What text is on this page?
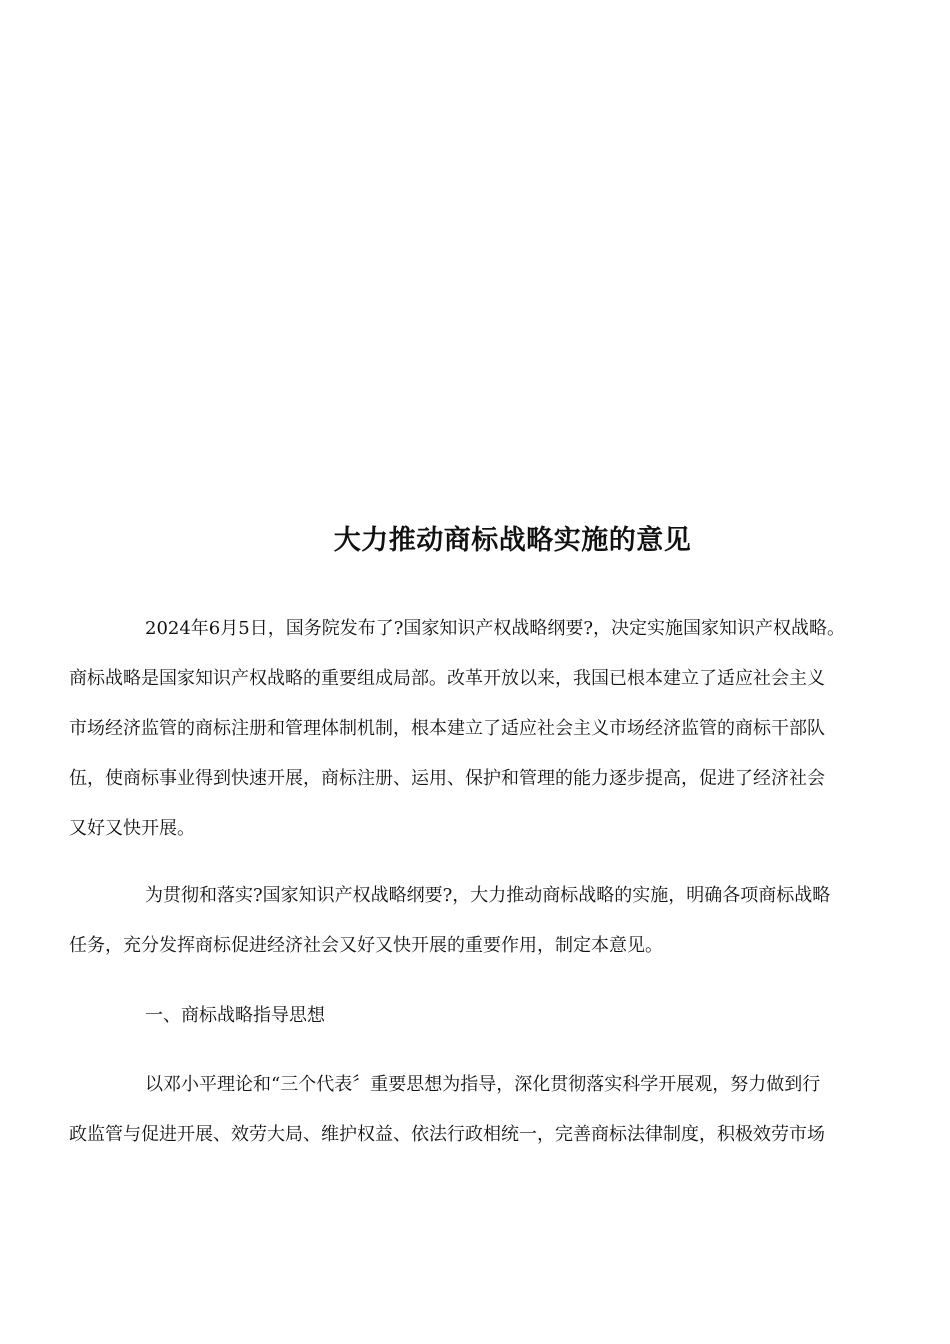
大力推动商标战略实施的意见
2024年6月5日，国务院发布了?国家知识产权战略纲要?，决定实施国家知识产权战略。
商标战略是国家知识产权战略的重要组成局部。改革开放以来，我国已根本建立了适应社会主义
市场经济监管的商标注册和管理体制机制，根本建立了适应社会主义市场经济监管的商标干部队
伍，使商标事业得到快速开展，商标注册、运用、保护和管理的能力逐步提高，促进了经济社会
又好又快开展。
为贯彻和落实?国家知识产权战略纲要?，大力推动商标战略的实施，明确各项商标战略
任务，充分发挥商标促进经济社会又好又快开展的重要作用，制定本意见。
一、商标战略指导思想
以邓小平理论和“三个代表〞重要思想为指导，深化贯彻落实科学开展观，努力做到行
政监管与促进开展、效劳大局、维护权益、依法行政相统一，完善商标法律制度，积极效劳市场
